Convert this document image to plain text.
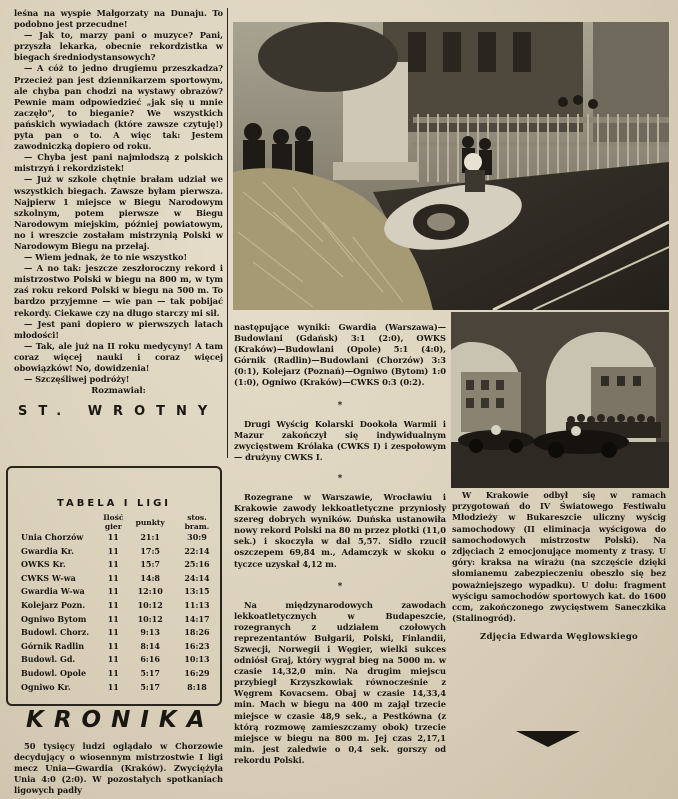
leśna na wyspie Małgorzaty na Dunaju. To podobno jest przecudne!

— Jak to, marzy pani o muzyce? Pani, przyszła lekarka, obecnie rekordzistka w biegach średniodystansowych?

— A cóż to jedno drugiemu przeszkadza? Przecież pan jest dziennikarzem sportowym, ale chyba pan chodzi na wystawy obrazów? Pewnie mam odpowiedzieć „jak się u mnie zaczęło", to bieganie? We wszystkich pańskich wywiadach (które zawsze czytuję!) pyta pan o to. A więc tak: Jestem zawodniczką dopiero od roku.

— Chyba jest pani najmłodszą z polskich mistrzyń i rekordzistek!

— Już w szkole chętnie brałam udział we wszystkich biegach. Zawsze byłam pierwsza. Najpierw 1 miejsce w Biegu Narodowym szkolnym, potem pierwsze w Biegu Narodowym miejskim, później powiatowym, no i wreszcie zostałam mistrzynią Polski w Narodowym Biegu na przełaj.

— Wiem jednak, że to nie wszystko!

— A no tak: jeszcze zeszłoroczny rekord i mistrzostwo Polski w biegu na 800 m, w tym zaś roku rekord Polski w biegu na 500 m. To bardzo przyjemne — wie pan — tak pobijać rekordy. Ciekawe czy na długo starczy mi sił.

— Jest pani dopiero w pierwszych latach młodości!

— Tak, ale już na II roku medycyny! A tam coraz więcej nauki i coraz więcej obowiązków! No, dowidzenia!

— Szczęśliwej podróży!

Rozmawiał:
ST. WROTNY
TABELA I LIGI
	Ilość gier	punkty	stos. bram.
Unia Chorzów	11	21:1	30:9
Gwardia Kr.	11	17:5	22:14
OWKS Kr.	11	15:7	25:16
CWKS W-wa	11	14:8	24:14
Gwardia W-wa	11	12:10	13:15
Kolejarz Pozn.	11	10:12	11:13
Ogniwo Bytom	11	10:12	14:17
Budowl. Chorz.	11	9:13	18:26
Górnik Radlin	11	8:14	16:23
Budowl. Gd.	11	6:16	10:13
Budowl. Opole	11	5:17	16:29
Ogniwo Kr.	11	5:17	8:18
KRONIKA

50 tysięcy ludzi oglądało w Chorzowie decydujący o wiosennym mistrzostwie I ligi mecz Unia—Gwardia (Kraków). Zwyciężyła Unia 4:0 (2:0). W pozostałych spotkaniach ligowych padły

następujące wyniki: Gwardia (Warszawa)—Budowlani (Gdańsk) 3:1 (2:0), OWKS (Kraków)—Budowlani (Opole) 5:1 (4:0), Górnik (Radlin)—Budowlani (Chorzów) 3:3 (0:1), Kolejarz (Poznań)—Ogniwo (Bytom) 1:0 (1:0), Ogniwo (Kraków)—CWKS 0:3 (0:2).

*

Drugi Wyścig Kolarski Dookoła Warmii i Mazur zakończył się indywidualnym zwycięstwem Królaka (CWKS I) i zespołowym — drużyny CWKS I.

*

Rozegrane w Warszawie, Wrocławiu i Krakowie zawody lekkoatletyczne przyniosły szereg dobrych wyników. Duńska ustanowiła nowy rekord Polski na 80 m przez płotki (11,0 sek.) i skoczyła w dal 5,57. Sidło rzucił oszczepem 69,84 m., Adamczyk w skoku o tyczce uzyskał 4,12 m.

*

Na międzynarodowych zawodach lekkoatletycznych w Budapeszcie, rozegranych z udziałem czołowych reprezentantów Bułgarii, Polski, Finlandii, Szwecji, Norwegii i Węgier, wielki sukces odniósł Graj, który wygrał bieg na 5000 m. w czasie 14,32,0 min. Na drugim miejscu przybiegł Krzyszkowiak równocześnie z Węgrem Kovacsem. Obaj w czasie 14,33,4 min. Mach w biegu na 400 m zajął trzecie miejsce w czasie 48,9 sek., a Pestkówna (z którą rozmowę zamieszczamy obok) trzecie miejsce w biegu na 800 m. Jej czas 2,17,1 min. jest zaledwie o 0,4 sek. gorszy od rekordu Polski.

W Krakowie odbył się w ramach przygotowań do IV Światowego Festiwalu Młodzieży w Bukareszcie uliczny wyścig samochodowy (II eliminacja wyścigowa do samochodowych mistrzostw Polski). Na zdjęciach 2 emocjonujące momenty z trasy. U góry: kraksa na wirażu (na szczęście dzięki słomianemu zabezpieczeniu obeszło się bez poważniejszego wypadku). U dołu: fragment wyścigu samochodów sportowych kat. do 1600 ccm, zakończonego zwycięstwem Saneczkika (Stalinogród).

Zdjęcia Edwarda Węglowskiego
